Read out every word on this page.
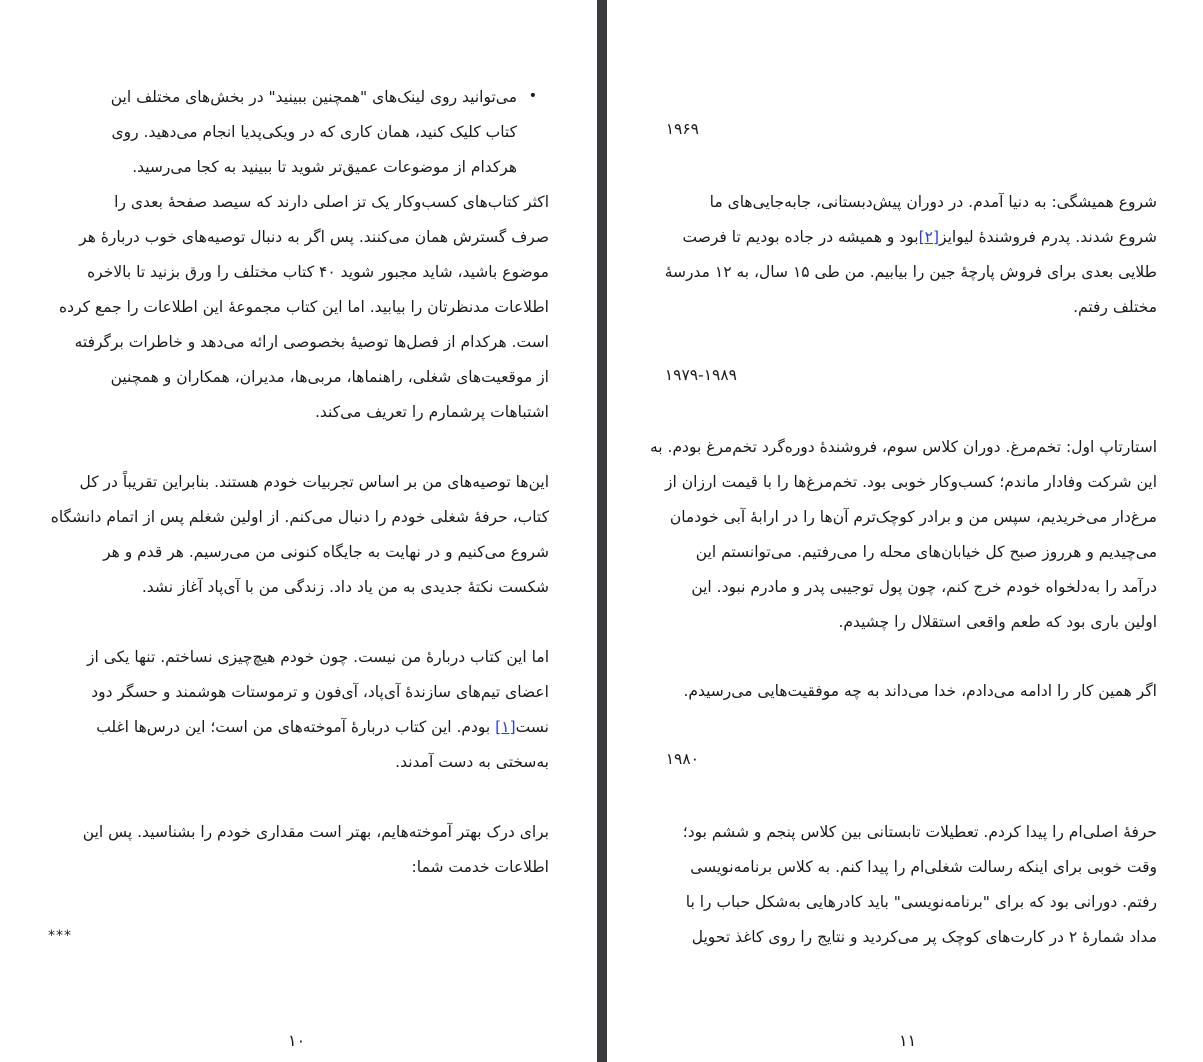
•
می‌توانید روی لینک‌های "همچنین ببینید" در بخش‌های مختلف این
کتاب کلیک کنید، همان کاری که در ویکی‌پدیا انجام می‌دهید. روی
هرکدام از موضوعات عمیق‌تر شوید تا ببینید به کجا می‌رسید.
اکثر کتاب‌های کسب‌وکار یک تز اصلی دارند که سیصد صفحهٔ بعدی را
صرف گسترش همان می‌کنند. پس اگر به دنبال توصیه‌های خوب دربارهٔ هر
موضوع باشید، شاید مجبور شوید ۴۰ کتاب مختلف را ورق بزنید تا بالاخره
اطلاعات مدنظرتان را بیابید. اما این کتاب مجموعهٔ این اطلاعات را جمع کرده
است. هرکدام از فصل‌ها توصیهٔ بخصوصی ارائه می‌دهد و خاطرات برگرفته
از موقعیت‌های شغلی، راهنماها، مربی‌ها، مدیران، همکاران و همچنین
اشتباهات پرشمارم را تعریف می‌کند.
این‌ها توصیه‌های من بر اساس تجربیات خودم هستند. بنابراین تقریباً در کل
کتاب، حرفهٔ شغلی خودم را دنبال می‌کنم. از اولین شغلم پس از اتمام دانشگاه
شروع می‌کنیم و در نهایت به جایگاه کنونی من می‌رسیم. هر قدم و هر
شکست نکتهٔ جدیدی به من یاد داد. زندگی من با آی‌پاد آغاز نشد.
اما این کتاب دربارهٔ من نیست. چون خودم هیچ‌چیزی نساختم. تنها یکی از
اعضای تیم‌های سازندهٔ آی‌پاد، آی‌فون و ترموستات هوشمند و حسگر دود
نست[۱] بودم. این کتاب دربارهٔ آموخته‌های من است؛ این درس‌ها اغلب
به‌سختی به دست آمدند.
برای درک بهتر آموخته‌هایم، بهتر است مقداری خودم را بشناسید. پس این
اطلاعات خدمت شما:
***
۱۰
۱۹۶۹
شروع همیشگی: به دنیا آمدم. در دوران پیش‌دبستانی، جابه‌جایی‌های ما
شروع شدند. پدرم فروشندهٔ لیوایز[۲]بود و همیشه در جاده بودیم تا فرصت
طلایی بعدی برای فروش پارچهٔ جین را بیابیم. من طی ۱۵ سال، به ۱۲ مدرسهٔ
مختلف رفتم.
۱۹۷۹-۱۹۸۹
استارتاپ اول: تخم‌مرغ. دوران کلاس سوم، فروشندهٔ دوره‌گرد تخم‌مرغ بودم. به
این شرکت وفادار ماندم؛ کسب‌وکار خوبی بود. تخم‌مرغ‌ها را با قیمت ارزان از
مرغ‌دار می‌خریدیم، سپس من و برادر کوچک‌ترم آن‌ها را در ارابهٔ آبی خودمان
می‌چیدیم و هرروز صبح کل خیابان‌های محله را می‌رفتیم. می‌توانستم این
درآمد را به‌دلخواه خودم خرج کنم، چون پول توجیبی پدر و مادرم نبود. این
اولین باری بود که طعم واقعی استقلال را چشیدم.
اگر همین کار را ادامه می‌دادم، خدا می‌داند به چه موفقیت‌هایی می‌رسیدم.
۱۹۸۰
حرفهٔ اصلی‌ام را پیدا کردم. تعطیلات تابستانی بین کلاس پنجم و ششم بود؛
وقت خوبی برای اینکه رسالت شغلی‌ام را پیدا کنم. به کلاس برنامه‌نویسی
رفتم. دورانی بود که برای "برنامه‌نویسی" باید کادرهایی به‌شکل حباب را با
مداد شمارهٔ ۲ در کارت‌های کوچک پر می‌کردید و نتایج را روی کاغذ تحویل
۱۱
